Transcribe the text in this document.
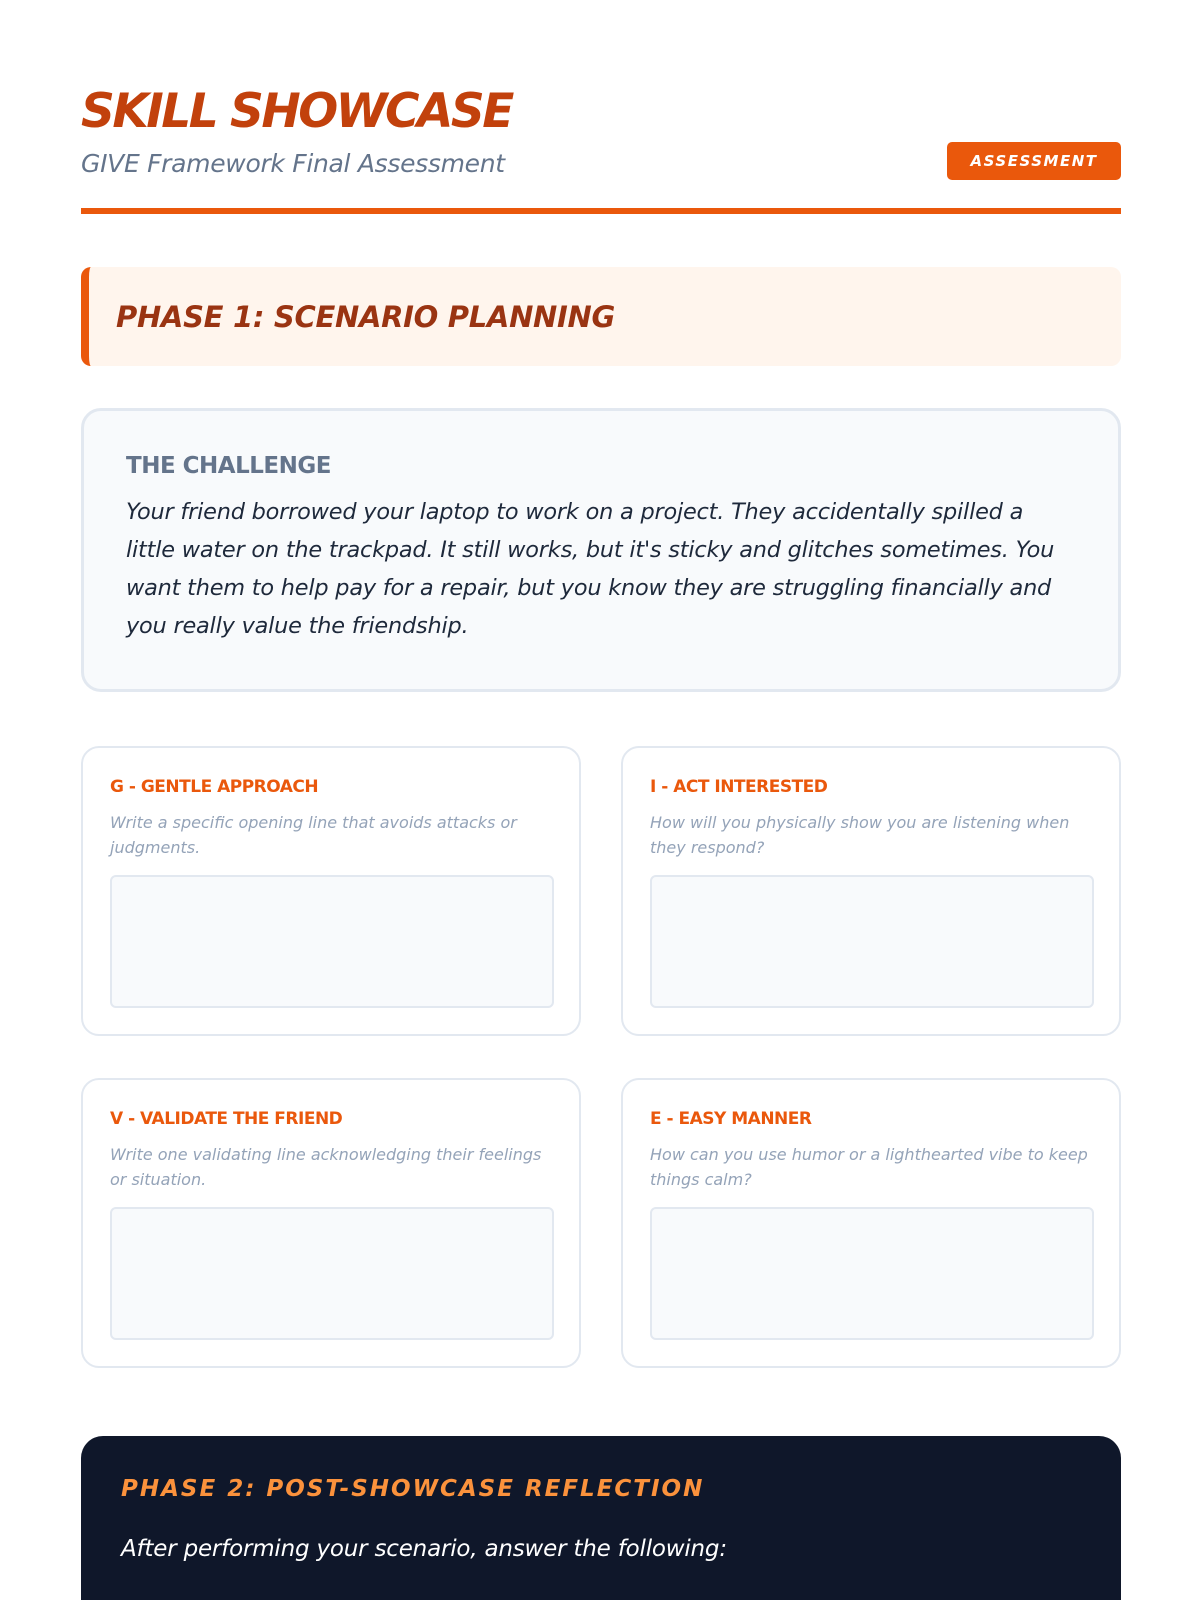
SKILL SHOWCASE
GIVE Framework Final Assessment	ASSESSMENT
PHASE 1: SCENARIO PLANNING
THE CHALLENGE
Your friend borrowed your laptop to work on a project. They accidentally spilled a little water on the trackpad. It still works, but it's sticky and glitches sometimes. You want them to help pay for a repair, but you know they are struggling financially and you really value the friendship.
G - GENTLE APPROACH
Write a specific opening line that avoids attacks or judgments.
I - ACT INTERESTED
How will you physically show you are listening when they respond?
V - VALIDATE THE FRIEND
Write one validating line acknowledging their feelings or situation.
E - EASY MANNER
How can you use humor or a lighthearted vibe to keep things calm?
PHASE 2: POST-SHOWCASE REFLECTION
After performing your scenario, answer the following:
